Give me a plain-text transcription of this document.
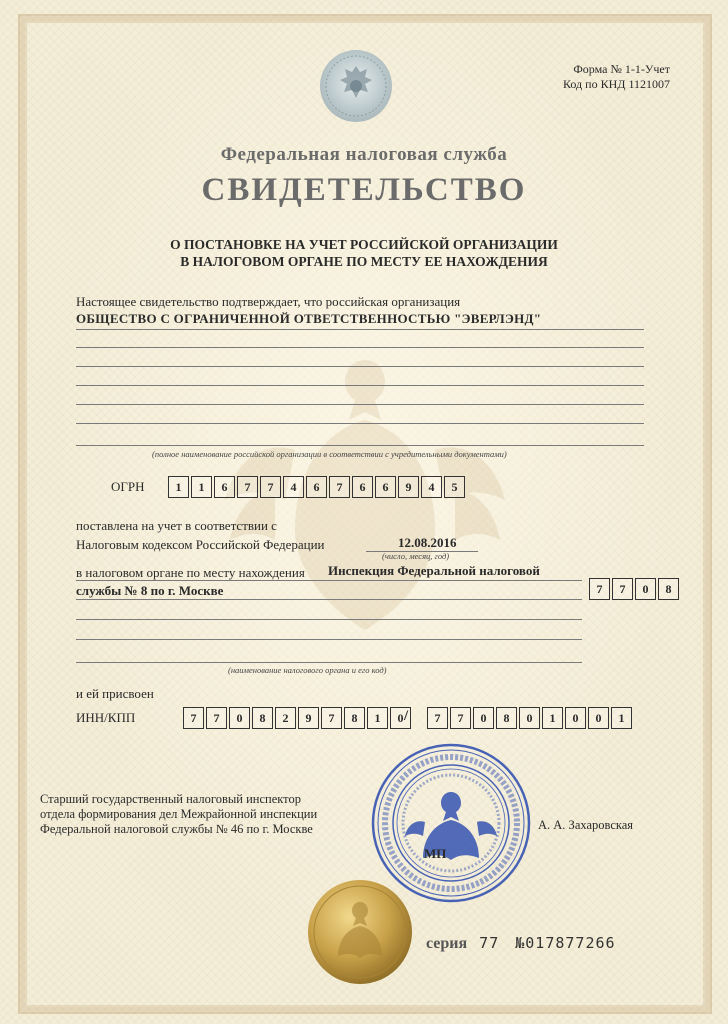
Форма № 1-1-Учет
Код по КНД 1121007
Федеральная налоговая служба
СВИДЕТЕЛЬСТВО
О ПОСТАНОВКЕ НА УЧЕТ РОССИЙСКОЙ ОРГАНИЗАЦИИ
В НАЛОГОВОМ ОРГАНЕ ПО МЕСТУ ЕЕ НАХОЖДЕНИЯ
Настоящее свидетельство подтверждает, что российская организация
ОБЩЕСТВО С ОГРАНИЧЕННОЙ ОТВЕТСТВЕННОСТЬЮ "ЭВЕРЛЭНД"
(полное наименование российской организации в соответствии с учредительными документами)
ОГРН	1	1	6	7	7	4	6	7	6	6	9	4	5
поставлена на учет в соответствии с
Налоговым кодексом Российской Федерации	12.08.2016
(число, месяц, год)
в налоговом органе по месту нахождения Инспекция Федеральной налоговой
службы № 8 по г. Москве	7	7	0	8
(наименование налогового органа и его код)
и ей присвоен
ИНН/КПП	7	7	0	8	2	9	7	8	1	0 /	7	7	0	8	0	1	0	0	1
Старший государственный налоговый инспектор
отдела формирования дел Межрайонной инспекции
Федеральной налоговой службы № 46 по г. Москве	А. А. Захаровская
МП
серия 77 №017877266
